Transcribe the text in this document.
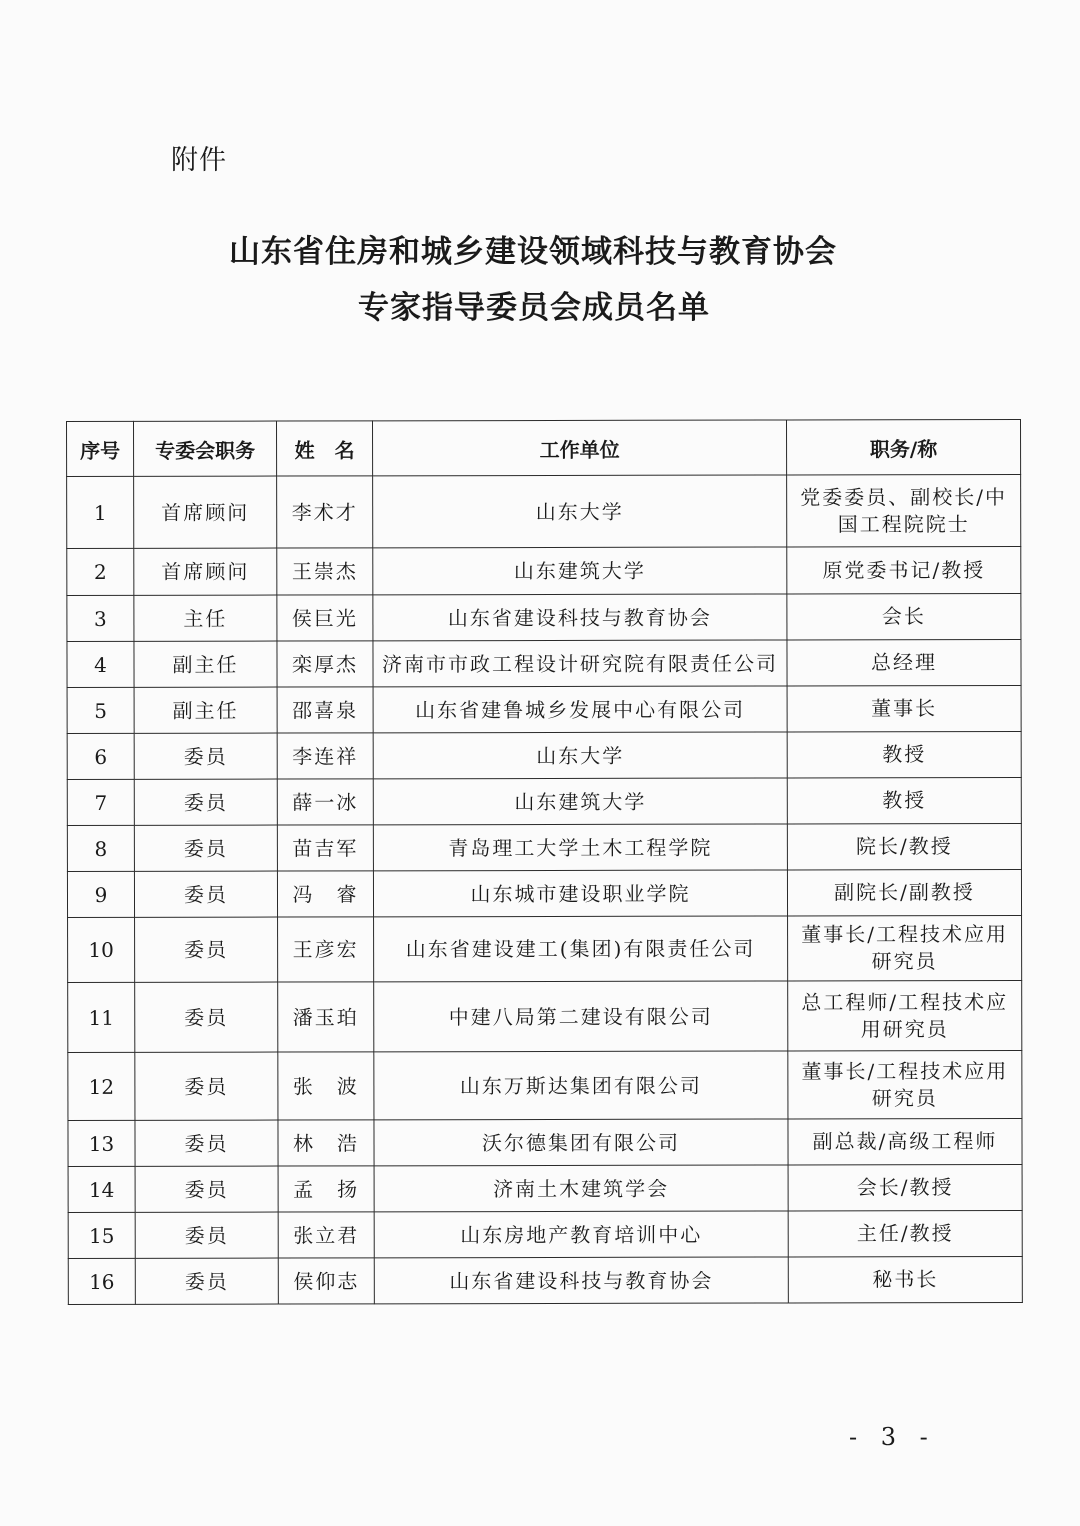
附件
山东省住房和城乡建设领域科技与教育协会
专家指导委员会成员名单
序号	专委会职务	姓　名	工作单位	职务/称
1	首席顾问	李术才	山东大学	党委委员、副校长/中国工程院院士
2	首席顾问	王崇杰	山东建筑大学	原党委书记/教授
3	主任	侯巨光	山东省建设科技与教育协会	会长
4	副主任	栾厚杰	济南市市政工程设计研究院有限责任公司	总经理
5	副主任	邵喜泉	山东省建鲁城乡发展中心有限公司	董事长
6	委员	李连祥	山东大学	教授
7	委员	薛一冰	山东建筑大学	教授
8	委员	苗吉军	青岛理工大学土木工程学院	院长/教授
9	委员	冯　睿	山东城市建设职业学院	副院长/副教授
10	委员	王彦宏	山东省建设建工(集团)有限责任公司	董事长/工程技术应用研究员
11	委员	潘玉珀	中建八局第二建设有限公司	总工程师/工程技术应用研究员
12	委员	张　波	山东万斯达集团有限公司	董事长/工程技术应用研究员
13	委员	林　浩	沃尔德集团有限公司	副总裁/高级工程师
14	委员	孟　扬	济南土木建筑学会	会长/教授
15	委员	张立君	山东房地产教育培训中心	主任/教授
16	委员	侯仰志	山东省建设科技与教育协会	秘书长
- 3 -
